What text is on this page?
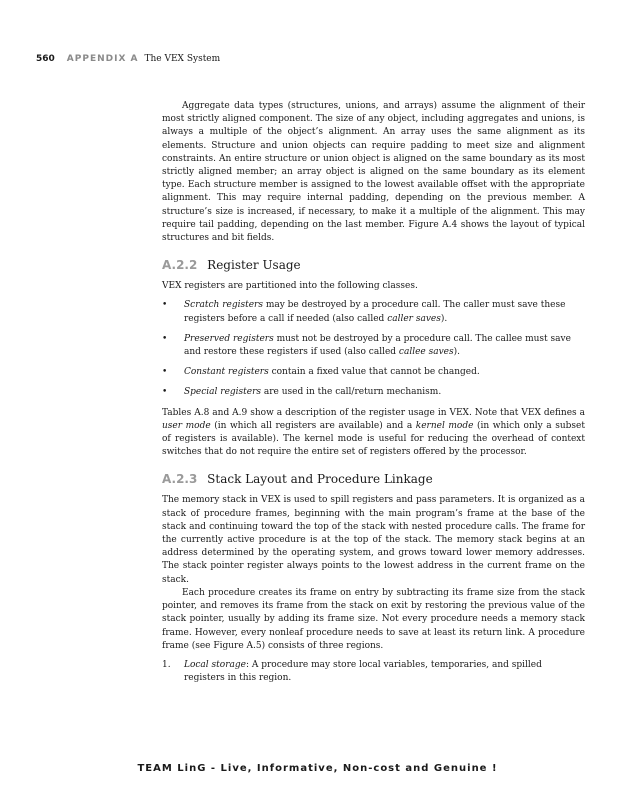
560 APPENDIX A The VEX System

Aggregate data types (structures, unions, and arrays) assume the alignment of their most strictly aligned component. The size of any object, including aggregates and unions, is always a multiple of the object’s alignment. An array uses the same alignment as its elements. Structure and union objects can require padding to meet size and alignment constraints. An entire structure or union object is aligned on the same boundary as its most strictly aligned member; an array object is aligned on the same boundary as its element type. Each structure member is assigned to the lowest available offset with the appropriate alignment. This may require internal padding, depending on the previous member. A structure’s size is increased, if necessary, to make it a multiple of the alignment. This may require tail padding, depending on the last member. Figure A.4 shows the layout of typical structures and bit fields.

A.2.2 Register Usage

VEX registers are partitioned into the following classes.

•	Scratch registers may be destroyed by a procedure call. The caller must save these registers before a call if needed (also called caller saves).
•	Preserved registers must not be destroyed by a procedure call. The callee must save and restore these registers if used (also called callee saves).
•	Constant registers contain a fixed value that cannot be changed.
•	Special registers are used in the call/return mechanism.

Tables A.8 and A.9 show a description of the register usage in VEX. Note that VEX defines a user mode (in which all registers are available) and a kernel mode (in which only a subset of registers is available). The kernel mode is useful for reducing the overhead of context switches that do not require the entire set of registers offered by the processor.

A.2.3 Stack Layout and Procedure Linkage

The memory stack in VEX is used to spill registers and pass parameters. It is organized as a stack of procedure frames, beginning with the main program’s frame at the base of the stack and continuing toward the top of the stack with nested procedure calls. The frame for the currently active procedure is at the top of the stack. The memory stack begins at an address determined by the operating system, and grows toward lower memory addresses. The stack pointer register always points to the lowest address in the current frame on the stack.

Each procedure creates its frame on entry by subtracting its frame size from the stack pointer, and removes its frame from the stack on exit by restoring the previous value of the stack pointer, usually by adding its frame size. Not every procedure needs a memory stack frame. However, every nonleaf procedure needs to save at least its return link. A procedure frame (see Figure A.5) consists of three regions.

1.	Local storage: A procedure may store local variables, temporaries, and spilled registers in this region.
TEAM LinG - Live, Informative, Non-cost and Genuine !
